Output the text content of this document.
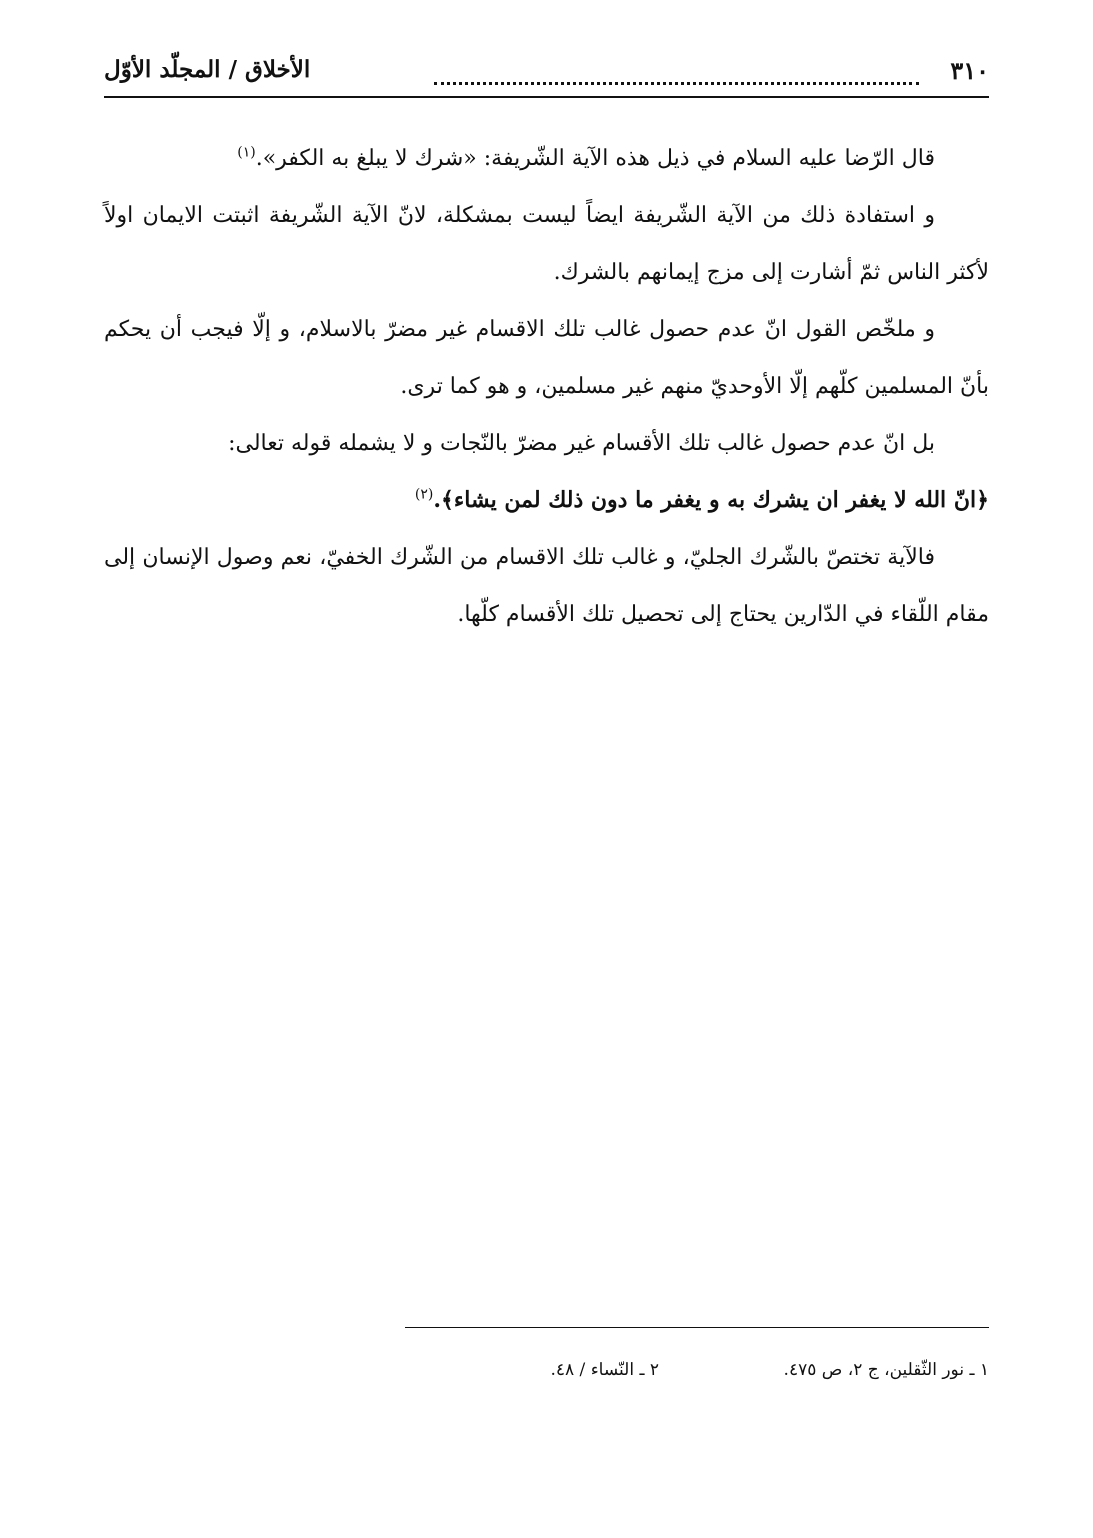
٣١٠
الأخلاق / المجلّد الأوّل

قال الرّضا عليه السلام في ذيل هذه الآية الشّريفة: «شرك لا يبلغ به الكفر».$^{(١)}$

و استفادة ذلك من الآية الشّريفة ايضاً ليست بمشكلة، لانّ الآية الشّريفة اثبتت الايمان اولاً لأكثر الناس ثمّ أشارت إلى مزج إيمانهم بالشرك.

و ملخّص القول انّ عدم حصول غالب تلك الاقسام غير مضرّ بالاسلام، و إلّا فيجب أن يحكم بأنّ المسلمين كلّهم إلّا الأوحديّ منهم غير مسلمين، و هو كما ترى.

بل انّ عدم حصول غالب تلك الأقسام غير مضرّ بالنّجات و لا يشمله قوله تعالى:

﴿انّ الله لا يغفر ان يشرك به و يغفر ما دون ذلك لمن يشاء﴾.$^{(٢)}$

فالآية تختصّ بالشّرك الجليّ، و غالب تلك الاقسام من الشّرك الخفيّ، نعم وصول الإنسان إلى مقام اللّقاء في الدّارين يحتاج إلى تحصيل تلك الأقسام كلّها.

١ ـ نور الثّقلين، ج ٢، ص ٤٧٥.
٢ ـ النّساء / ٤٨.
